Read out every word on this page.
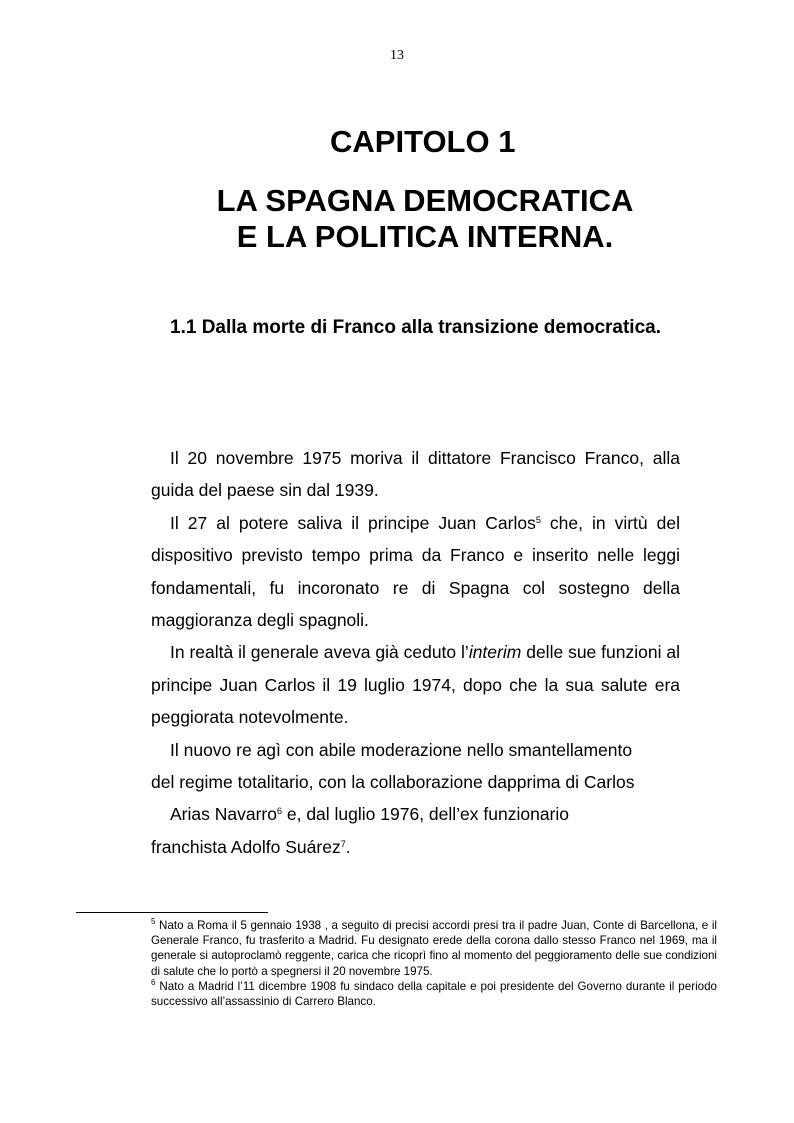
13
CAPITOLO 1
LA SPAGNA DEMOCRATICA
E LA POLITICA INTERNA.
1.1 Dalla morte di Franco alla transizione democratica.

Il 20 novembre 1975 moriva il dittatore Francisco Franco, alla guida del paese sin dal 1939.

Il 27 al potere saliva il principe Juan Carlos$^5$ che, in virtù del dispositivo previsto tempo prima da Franco e inserito nelle leggi fondamentali, fu incoronato re di Spagna col sostegno della maggioranza degli spagnoli.

In realtà il generale aveva già ceduto l’interim delle sue funzioni al principe Juan Carlos il 19 luglio 1974, dopo che la sua salute era peggiorata notevolmente.

Il nuovo re agì con abile moderazione nello smantellamento

del regime totalitario, con la collaborazione dapprima di Carlos

Arias Navarro$^6$ e, dal luglio 1976, dell’ex funzionario

franchista Adolfo Suárez$^7$.

$^5$ Nato a Roma il 5 gennaio 1938 , a seguito di precisi accordi presi tra il padre Juan, Conte di Barcellona, e il Generale Franco, fu trasferito a Madrid. Fu designato erede della corona dallo stesso Franco nel 1969, ma il generale si autoproclamò reggente, carica che ricoprì fino al momento del peggioramento delle sue condizioni di salute che lo portò a spegnersi il 20 novembre 1975.

$^6$ Nato a Madrid l’11 dicembre 1908 fu sindaco della capitale e poi presidente del Governo durante il periodo successivo all’assassinio di Carrero Blanco.
